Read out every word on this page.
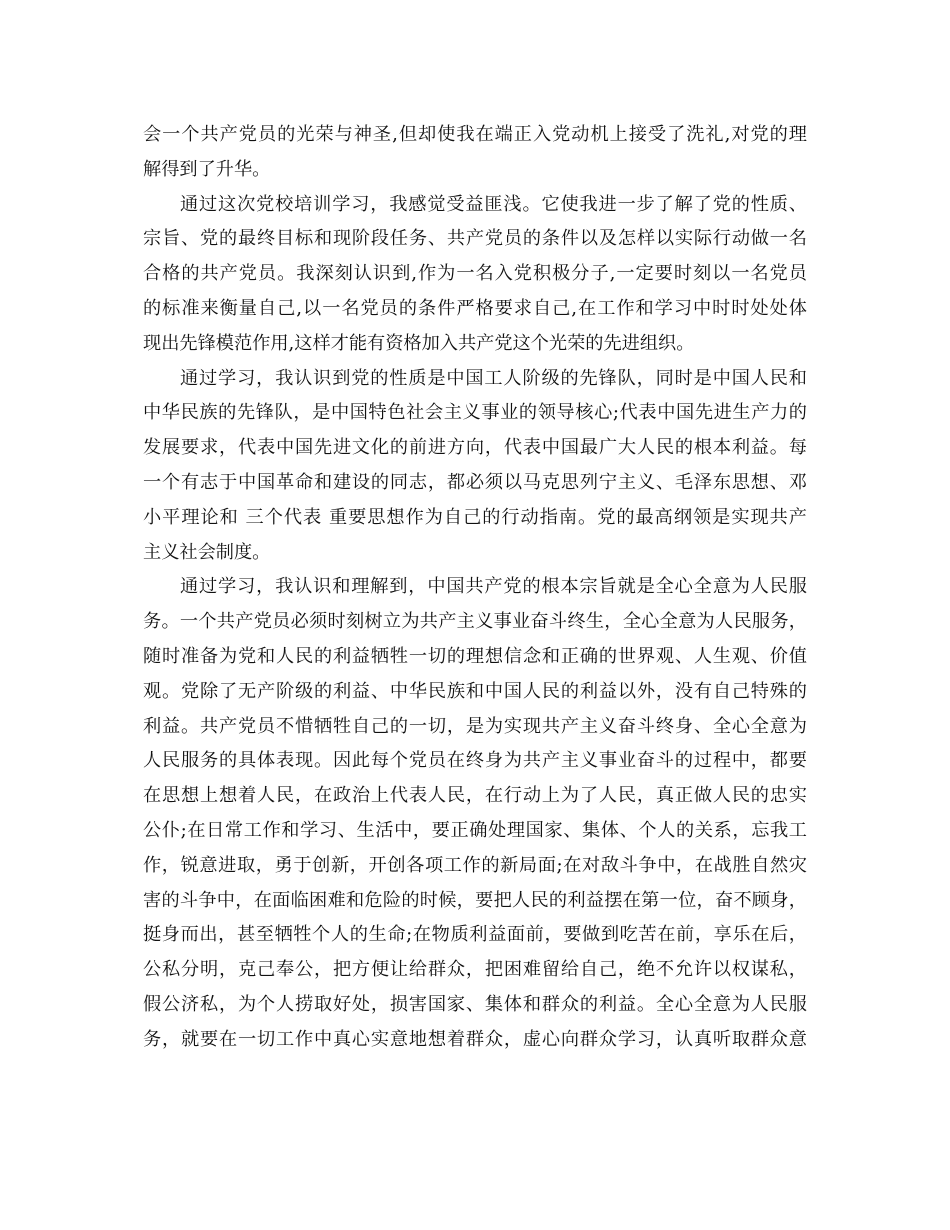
会一个共产党员的光荣与神圣,但却使我在端正入党动机上接受了洗礼,对党的理
解得到了升华。
通过这次党校培训学习，我感觉受益匪浅。它使我进一步了解了党的性质、
宗旨、党的最终目标和现阶段任务、共产党员的条件以及怎样以实际行动做一名
合格的共产党员。我深刻认识到,作为一名入党积极分子,一定要时刻以一名党员
的标准来衡量自己,以一名党员的条件严格要求自己,在工作和学习中时时处处体
现出先锋模范作用,这样才能有资格加入共产党这个光荣的先进组织。
通过学习，我认识到党的性质是中国工人阶级的先锋队，同时是中国人民和
中华民族的先锋队，是中国特色社会主义事业的领导核心;代表中国先进生产力的
发展要求，代表中国先进文化的前进方向，代表中国最广大人民的根本利益。每
一个有志于中国革命和建设的同志，都必须以马克思列宁主义、毛泽东思想、邓
小平理论和 三个代表 重要思想作为自己的行动指南。党的最高纲领是实现共产
主义社会制度。
通过学习，我认识和理解到，中国共产党的根本宗旨就是全心全意为人民服
务。一个共产党员必须时刻树立为共产主义事业奋斗终生，全心全意为人民服务，
随时准备为党和人民的利益牺牲一切的理想信念和正确的世界观、人生观、价值
观。党除了无产阶级的利益、中华民族和中国人民的利益以外，没有自己特殊的
利益。共产党员不惜牺牲自己的一切，是为实现共产主义奋斗终身、全心全意为
人民服务的具体表现。因此每个党员在终身为共产主义事业奋斗的过程中，都要
在思想上想着人民，在政治上代表人民，在行动上为了人民，真正做人民的忠实
公仆;在日常工作和学习、生活中，要正确处理国家、集体、个人的关系，忘我工
作，锐意进取，勇于创新，开创各项工作的新局面;在对敌斗争中，在战胜自然灾
害的斗争中，在面临困难和危险的时候，要把人民的利益摆在第一位，奋不顾身，
挺身而出，甚至牺牲个人的生命;在物质利益面前，要做到吃苦在前，享乐在后，
公私分明，克己奉公，把方便让给群众，把困难留给自己，绝不允许以权谋私，
假公济私，为个人捞取好处，损害国家、集体和群众的利益。全心全意为人民服
务，就要在一切工作中真心实意地想着群众，虚心向群众学习，认真听取群众意
